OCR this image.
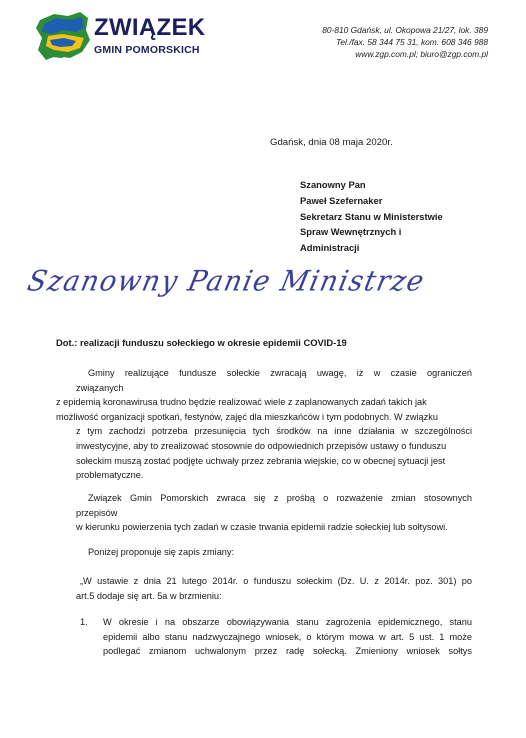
ZWIĄZEK
GMIN POMORSKICH
80-810 Gdańsk, ul. Okopowa 21/27, lok. 389
Tel./fax. 58 344 75 31, kom. 608 346 988
www.zgp.com.pl; biuro@zgp.com.pl
Gdańsk, dnia 08 maja 2020r.
Szanowny Pan
Paweł Szefernaker
Sekretarz Stanu w Ministerstwie
Spraw Wewnętrznych i
Administracji
Szanowny Panie Ministrze
Dot.: realizacji funduszu sołeckiego w okresie epidemii COVID-19
Gminy realizujące fundusze sołeckie zwracają uwagę, iż w czasie ograniczeń
związanych
z epidemią koronawirusa trudno będzie realizować wiele z zaplanowanych zadań takich jak
możliwość organizacji spotkań, festynów, zajęć dla mieszkańców i tym podobnych. W związku
z tym zachodzi potrzeba przesunięcia tych środków na inne działania w szczególności
inwestycyjne, aby to zrealizować stosownie do odpowiednich przepisów ustawy o funduszu
sołeckim muszą zostać podjęte uchwały przez zebrania wiejskie, co w obecnej sytuacji jest
problematyczne.
Związek Gmin Pomorskich zwraca się z prośbą o rozważenie zmian stosownych
przepisów
w kierunku powierzenia tych zadań w czasie trwania epidemii radzie sołeckiej lub sołtysowi.
Poniżej proponuje się zapis zmiany:
„W ustawie z dnia 21 lutego 2014r. o funduszu sołeckim (Dz. U. z 2014r. poz. 301) po
art.5 dodaje się art. 5a w brzmieniu:
1. W okresie i na obszarze obowiązywania stanu zagrożenia epidemicznego, stanu
epidemii albo stanu nadzwyczajnego wniosek, o którym mowa w art. 5 ust. 1 może
podlegać zmianom uchwalonym przez radę sołecką. Zmieniony wniosek sołtys
